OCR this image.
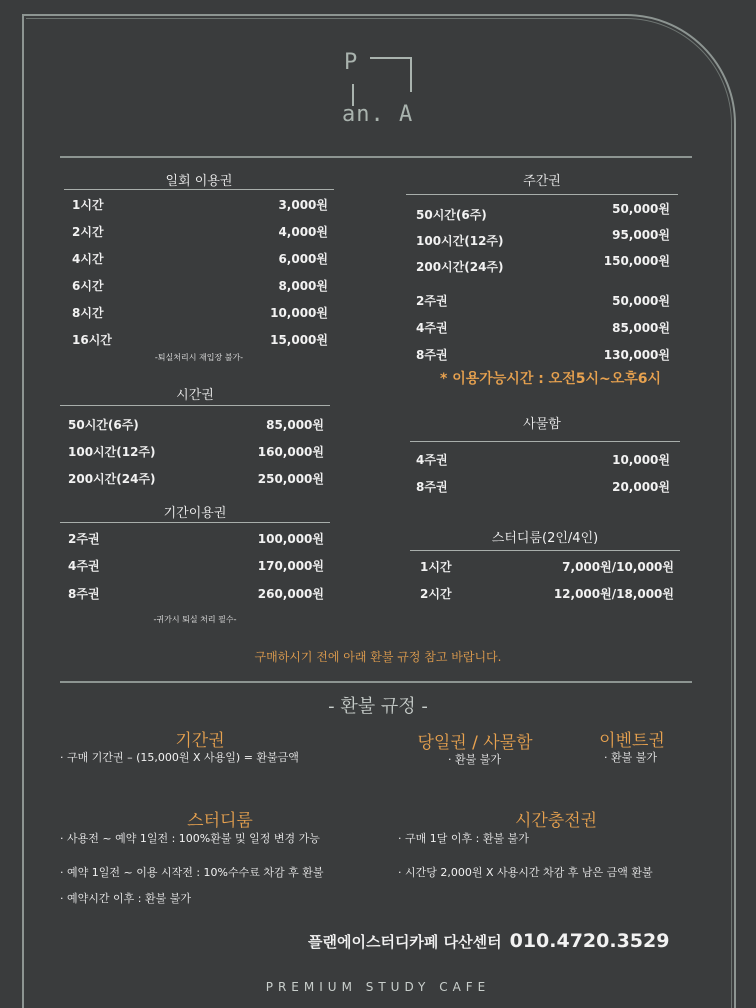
P
an. A
일회 이용권
1시간	3,000원
2시간	4,000원
4시간	6,000원
6시간	8,000원
8시간	10,000원
16시간	15,000원
-퇴실처리시 재입장 불가-
시간권
50시간(6주)	85,000원
100시간(12주)	160,000원
200시간(24주)	250,000원
기간이용권
2주권	100,000원
4주권	170,000원
8주권	260,000원
-귀가시 퇴실 처리 필수-
주간권
50시간(6주)	50,000원
100시간(12주)	95,000원
200시간(24주)	150,000원
2주권	50,000원
4주권	85,000원
8주권	130,000원
* 이용가능시간 : 오전5시~오후6시
사물함
4주권	10,000원
8주권	20,000원
스터디룸(2인/4인)
1시간	7,000원/10,000원
2시간	12,000원/18,000원
구매하시기 전에 아래 환불 규정 참고 바랍니다.
- 환불 규정 -
기간권
· 구매 기간권 – (15,000원 X 사용일) = 환불금액
당일권 / 사물함
· 환불 불가
이벤트권
· 환불 불가
스터디룸
· 사용전 ~ 예약 1일전 : 100%환불 및 일정 변경 가능
· 예약 1일전 ~ 이용 시작전 : 10%수수료 차감 후 환불
· 예약시간 이후 : 환불 불가
시간충전권
· 구매 1달 이후 : 환불 불가
· 시간당 2,000원 X 사용시간 차감 후 남은 금액 환불
플랜에이스터디카페 다산센터 010.4720.3529
PREMIUM STUDY CAFE
